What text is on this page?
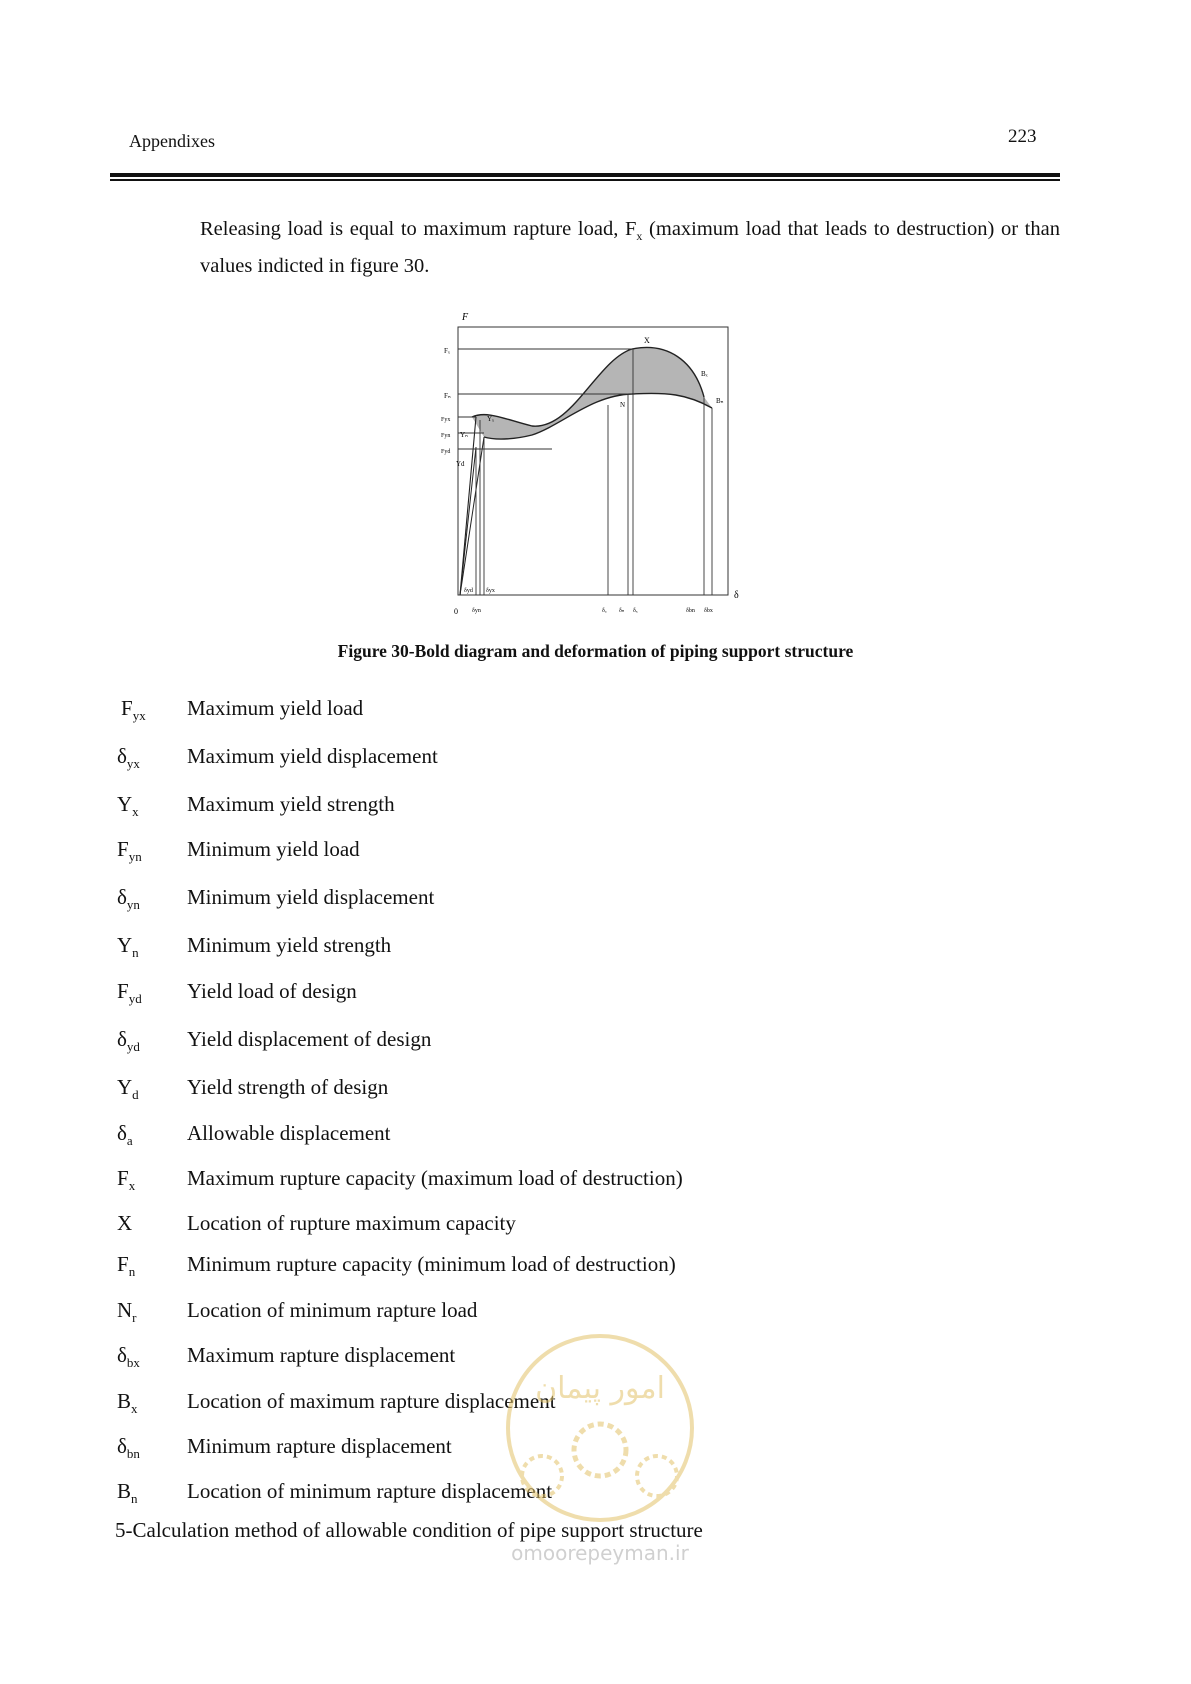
Appendixes	223

Releasing load is equal to maximum rapture load, $F_x$ (maximum load that leads to destruction) or than values indicted in figure 30.

F
δ
0
Fₓ
Fₙ
Fyx
Fyn
Fyd
δyd δyx
δyn	δₐ δₙ δₓ	δbn δbx
X
N
Bₓ
Bₙ
Yₓ
Yₙ
Yd
Figure 30-Bold diagram and deformation of piping support structure
$F_{yx}$ Maximum yield load
$\delta_{yx}$ Maximum yield displacement
$Y_x$ Maximum yield strength
$F_{yn}$ Minimum yield load
$\delta_{yn}$ Minimum yield displacement
$Y_n$ Minimum yield strength
$F_{yd}$ Yield load of design
$\delta_{yd}$ Yield displacement of design
$Y_d$ Yield strength of design
$\delta_a$	Allowable displacement
$F_x$ Maximum rupture capacity (maximum load of destruction)
X	Location of rupture maximum capacity
$F_n$ Minimum rupture capacity (minimum load of destruction)
$N_r$ Location of minimum rapture load
$\delta_{bx}$ Maximum rapture displacement
$B_x$ Location of maximum rapture displacement
$\delta_{bn}$ Minimum rapture displacement
$B_n$ Location of minimum rapture displacement
5-Calculation method of allowable condition of pipe support structure
امور پیمان
omoorepeyman.ir
